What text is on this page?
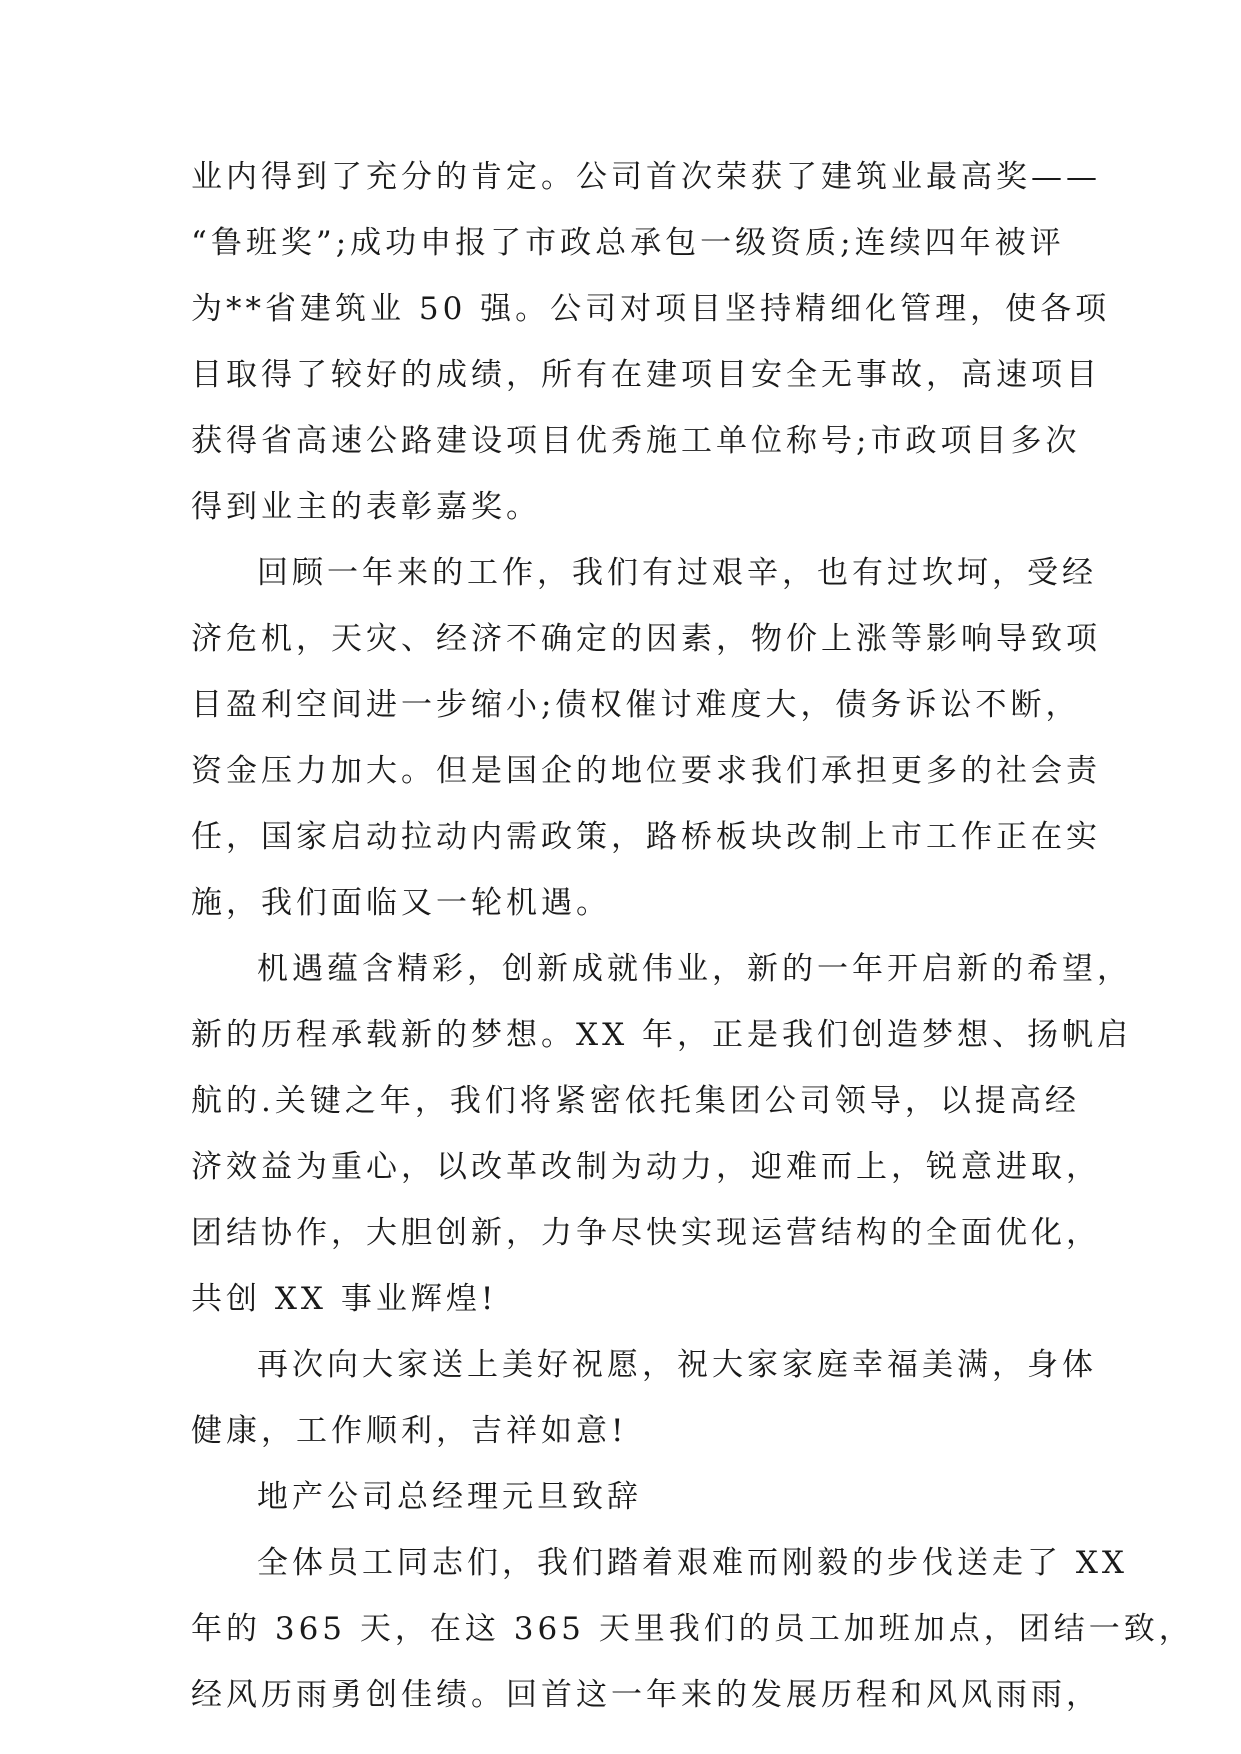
业内得到了充分的肯定。公司首次荣获了建筑业最高奖——
“鲁班奖”;成功申报了市政总承包一级资质;连续四年被评
为**省建筑业 50 强。公司对项目坚持精细化管理，使各项
目取得了较好的成绩，所有在建项目安全无事故，高速项目
获得省高速公路建设项目优秀施工单位称号;市政项目多次
得到业主的表彰嘉奖。
回顾一年来的工作，我们有过艰辛，也有过坎坷，受经
济危机，天灾、经济不确定的因素，物价上涨等影响导致项
目盈利空间进一步缩小;债权催讨难度大，债务诉讼不断，
资金压力加大。但是国企的地位要求我们承担更多的社会责
任，国家启动拉动内需政策，路桥板块改制上市工作正在实
施，我们面临又一轮机遇。
机遇蕴含精彩，创新成就伟业，新的一年开启新的希望，
新的历程承载新的梦想。XX 年，正是我们创造梦想、扬帆启
航的.关键之年，我们将紧密依托集团公司领导，以提高经
济效益为重心，以改革改制为动力，迎难而上，锐意进取，
团结协作，大胆创新，力争尽快实现运营结构的全面优化，
共创 XX 事业辉煌!
再次向大家送上美好祝愿，祝大家家庭幸福美满，身体
健康，工作顺利，吉祥如意!
地产公司总经理元旦致辞
全体员工同志们，我们踏着艰难而刚毅的步伐送走了 XX
年的 365 天，在这 365 天里我们的员工加班加点，团结一致，
经风历雨勇创佳绩。回首这一年来的发展历程和风风雨雨，
